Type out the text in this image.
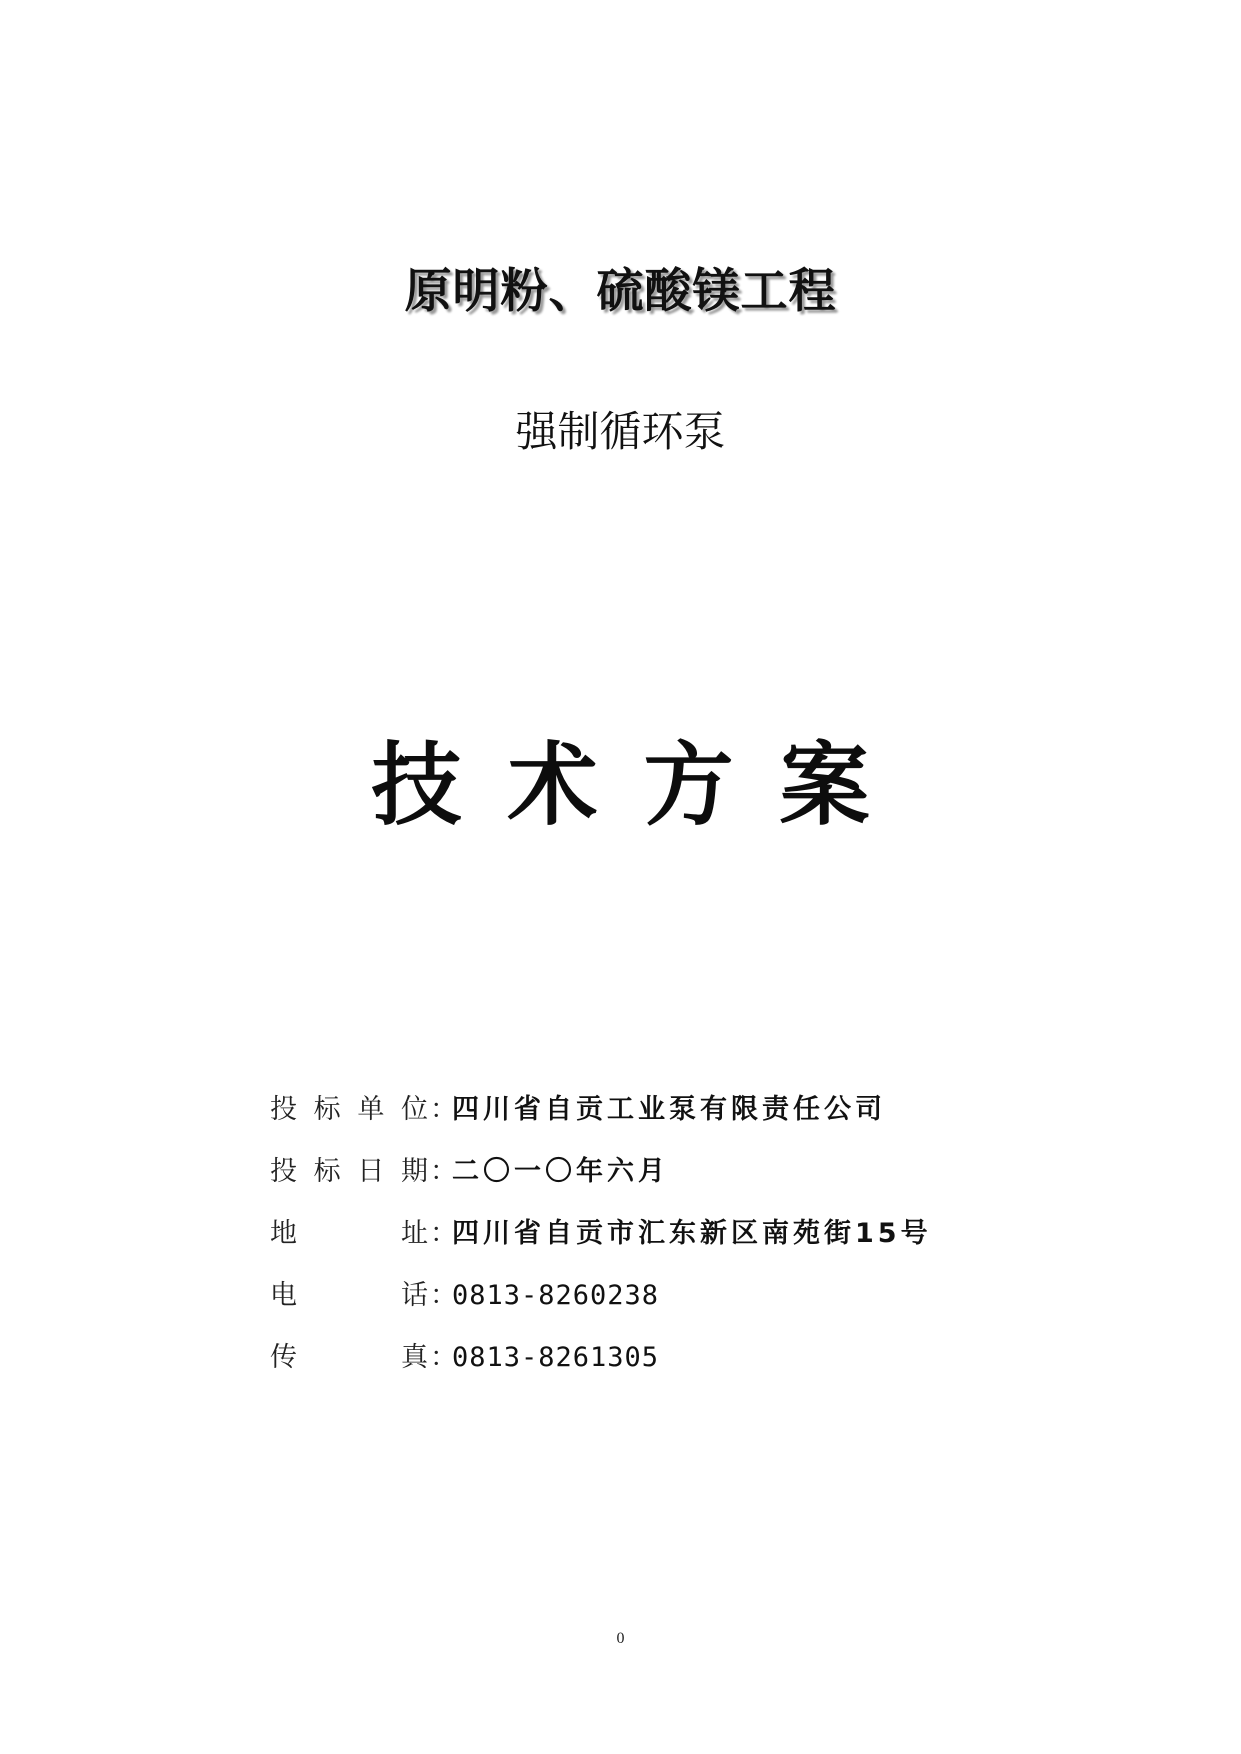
原明粉、硫酸镁工程
强制循环泵
技术方案
投 标 单 位 ：
四川省自贡工业泵有限责任公司
投 标 日 期 ：
二〇一〇年六月
地	址 ：
四川省自贡市汇东新区南苑街15号
电	话 ：
0813-8260238
传	真 ：
0813-8261305
0
